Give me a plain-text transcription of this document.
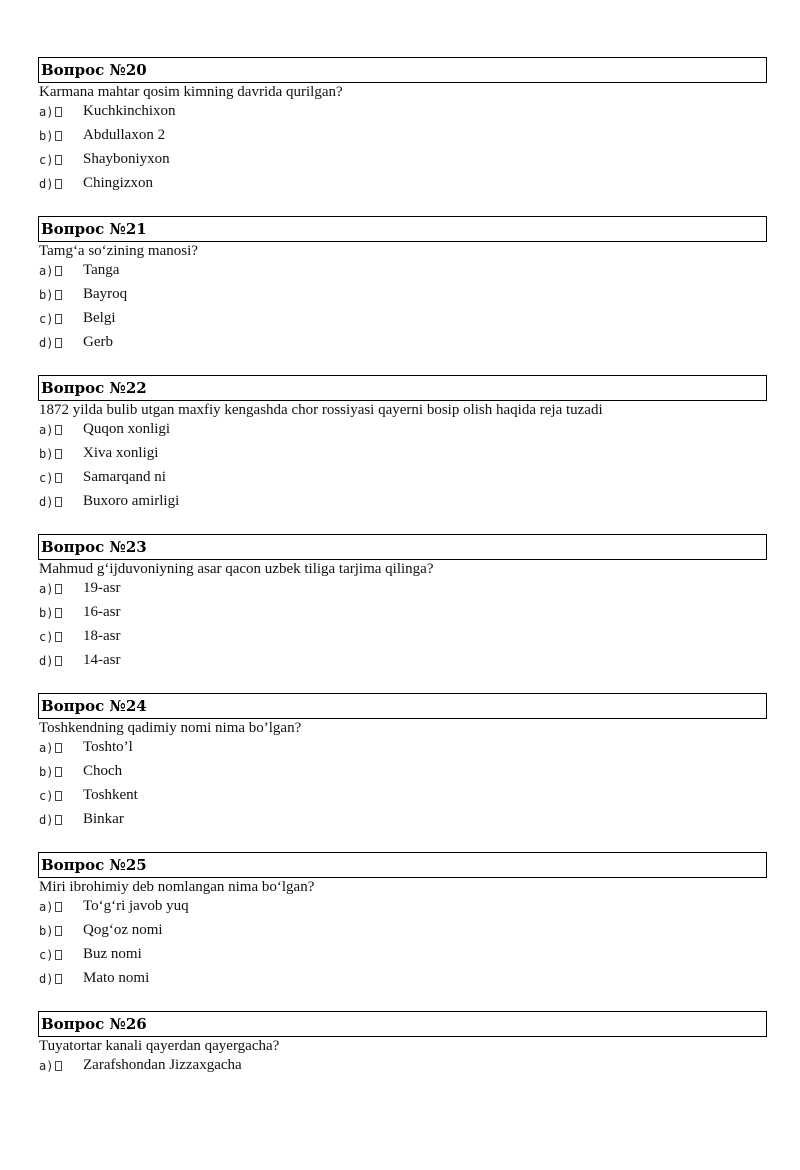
Вопрос №20
Karmana mahtar qosim kimning davrida qurilgan?
a) Kuchkinchixon
b) Abdullaxon 2
c) Shayboniyxon
d) Chingizxon
Вопрос №21
Tamg‘a so‘zining manosi?
a) Tanga
b) Bayroq
c) Belgi
d) Gerb
Вопрос №22
1872 yilda bulib utgan maxfiy kengashda chor rossiyasi qayerni bosip olish haqida reja tuzadi
a) Quqon xonligi
b) Xiva xonligi
c) Samarqand ni
d) Buxoro amirligi
Вопрос №23
Mahmud g‘ijduvoniyning asar qacon uzbek tiliga tarjima qilinga?
a) 19-asr
b) 16-asr
c) 18-asr
d) 14-asr
Вопрос №24
Toshkendning qadimiy nomi nima bo’lgan?
a) Toshto’l
b) Choch
c) Toshkent
d) Binkar
Вопрос №25
Miri ibrohimiy deb nomlangan nima bo‘lgan?
a) To‘g‘ri javob yuq
b) Qog‘oz nomi
c) Buz nomi
d) Mato nomi
Вопрос №26
Tuyatortar kanali qayerdan qayergacha?
a) Zarafshondan Jizzaxgacha
